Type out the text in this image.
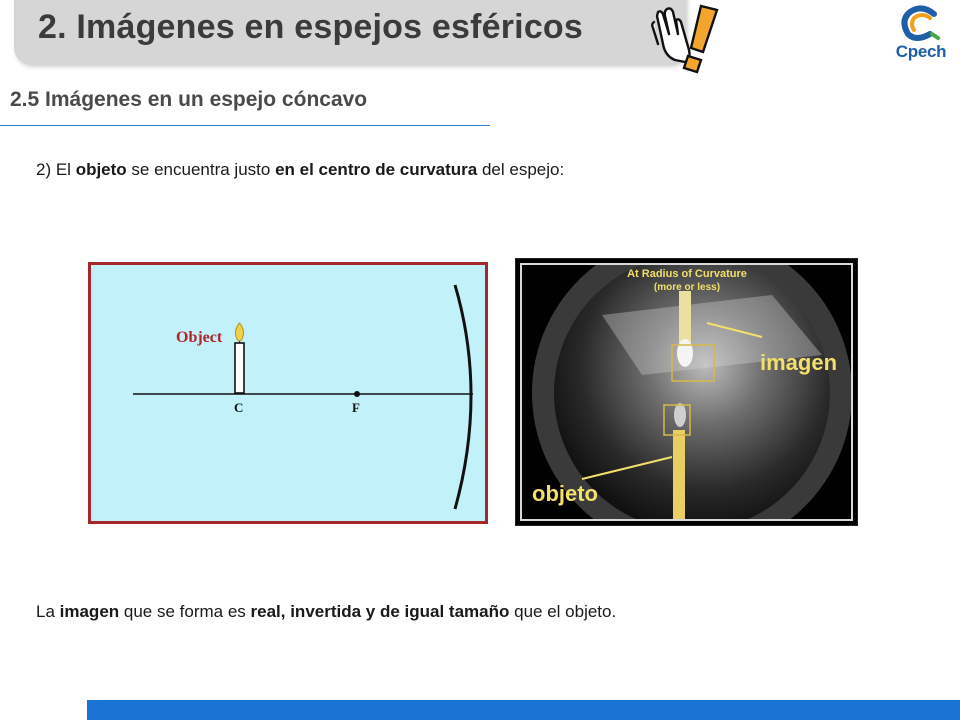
2. Imágenes en espejos esféricos
Cpech
2.5 Imágenes en un espejo cóncavo
2) El objeto se encuentra justo en el centro de curvatura del espejo:
Object
C	F
At Radius of Curvature
(more or less)
imagen
objeto
La imagen que se forma es real, invertida y de igual tamaño que el objeto.
